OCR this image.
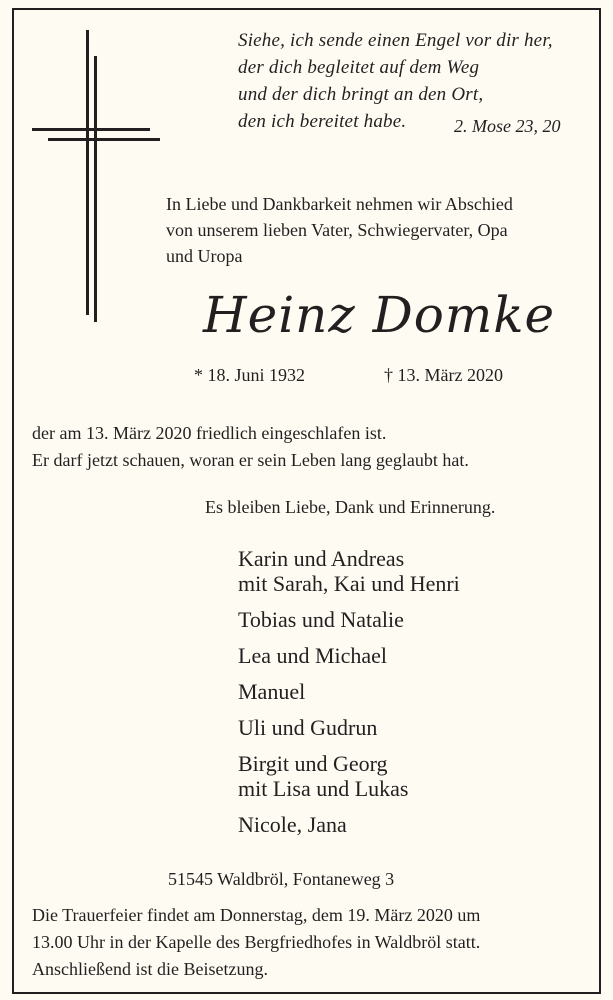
Siehe, ich sende einen Engel vor dir her,
der dich begleitet auf dem Weg
und der dich bringt an den Ort,
den ich bereitet habe.	2. Mose 23, 20
In Liebe und Dankbarkeit nehmen wir Abschied
von unserem lieben Vater, Schwiegervater, Opa
und Uropa
Heinz Domke
* 18. Juni 1932	† 13. März 2020
der am 13. März 2020 friedlich eingeschlafen ist.
Er darf jetzt schauen, woran er sein Leben lang geglaubt hat.
Es bleiben Liebe, Dank und Erinnerung.
Karin und Andreas
mit Sarah, Kai und Henri
Tobias und Natalie
Lea und Michael
Manuel
Uli und Gudrun
Birgit und Georg
mit Lisa und Lukas
Nicole, Jana
51545 Waldbröl, Fontaneweg 3
Die Trauerfeier findet am Donnerstag, dem 19. März 2020 um
13.00 Uhr in der Kapelle des Bergfriedhofes in Waldbröl statt.
Anschließend ist die Beisetzung.
